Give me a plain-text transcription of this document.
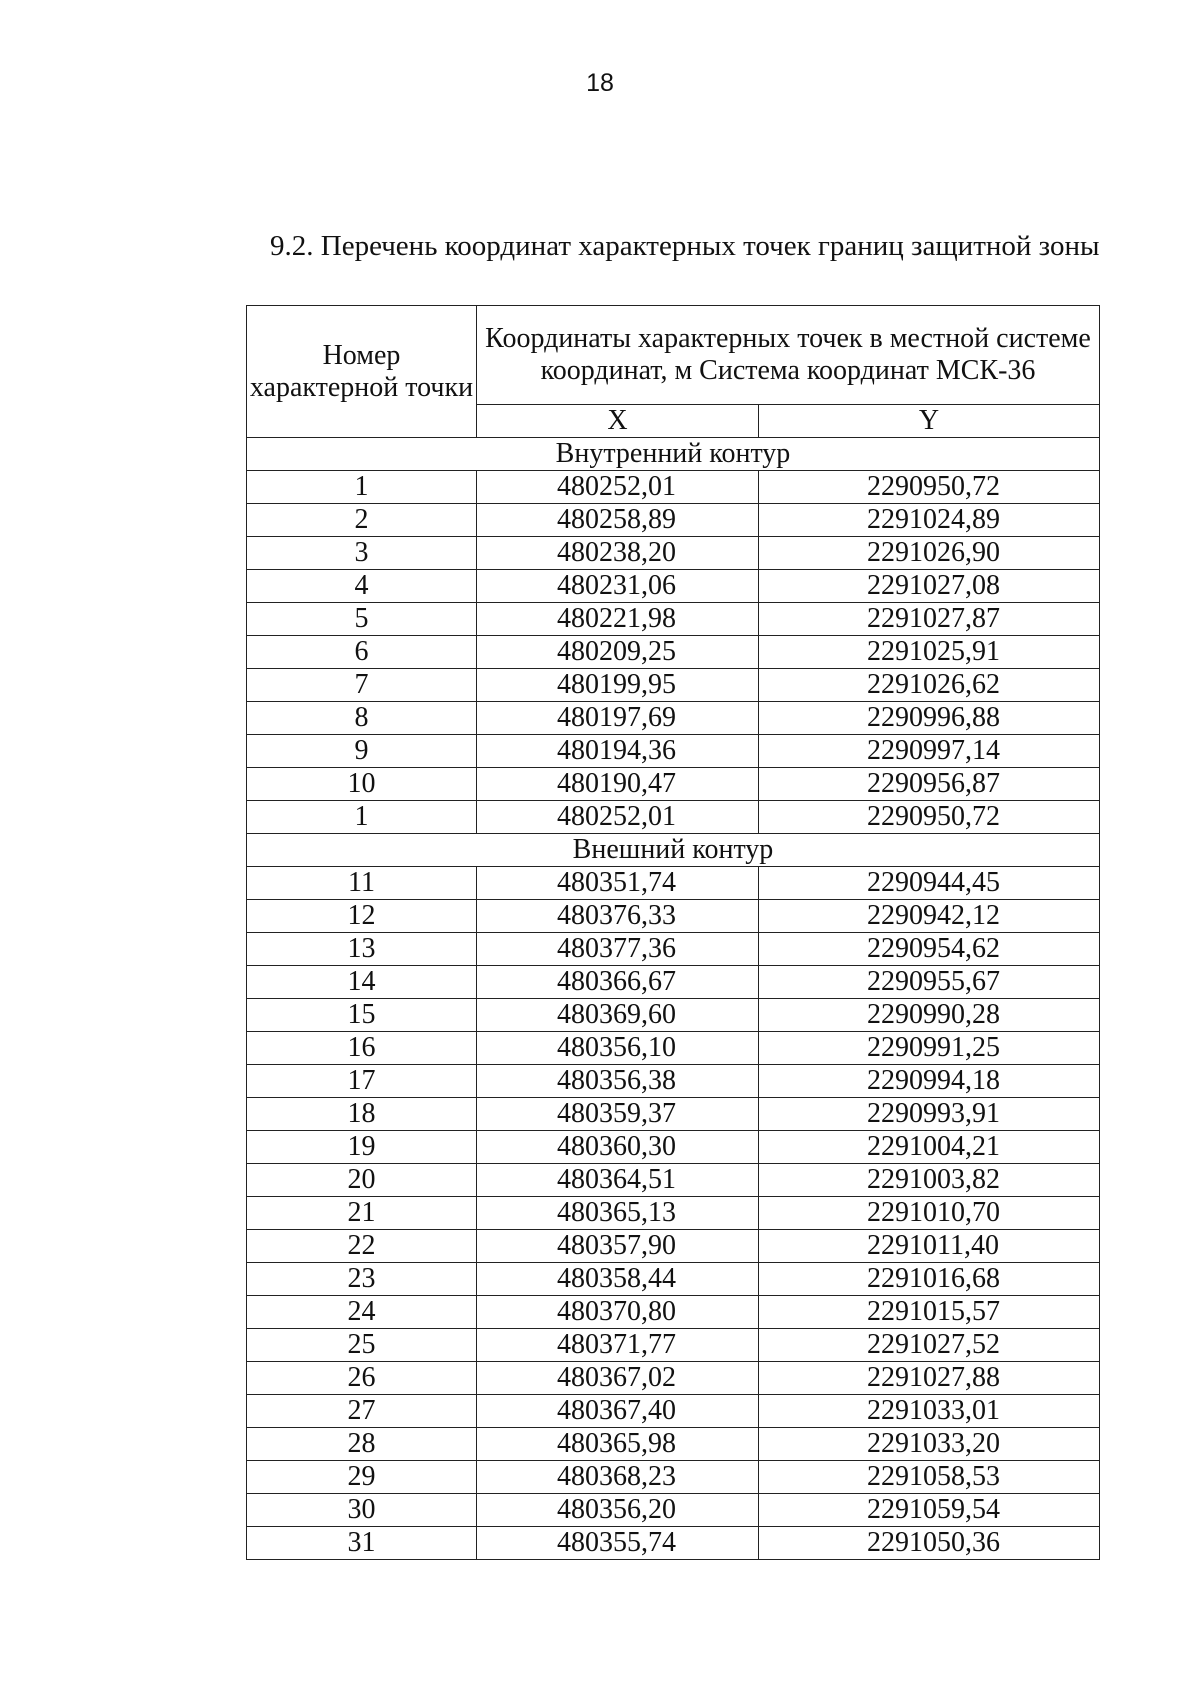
18
9.2. Перечень координат характерных точек границ защитной зоны
Номер характерной точки	Координаты характерных точек в местной системе координат, м Система координат МСК-36	
	X	Y
Внутренний контур		
1	480252,01	2290950,72
2	480258,89	2291024,89
3	480238,20	2291026,90
4	480231,06	2291027,08
5	480221,98	2291027,87
6	480209,25	2291025,91
7	480199,95	2291026,62
8	480197,69	2290996,88
9	480194,36	2290997,14
10	480190,47	2290956,87
1	480252,01	2290950,72
Внешний контур		
11	480351,74	2290944,45
12	480376,33	2290942,12
13	480377,36	2290954,62
14	480366,67	2290955,67
15	480369,60	2290990,28
16	480356,10	2290991,25
17	480356,38	2290994,18
18	480359,37	2290993,91
19	480360,30	2291004,21
20	480364,51	2291003,82
21	480365,13	2291010,70
22	480357,90	2291011,40
23	480358,44	2291016,68
24	480370,80	2291015,57
25	480371,77	2291027,52
26	480367,02	2291027,88
27	480367,40	2291033,01
28	480365,98	2291033,20
29	480368,23	2291058,53
30	480356,20	2291059,54
31	480355,74	2291050,36
